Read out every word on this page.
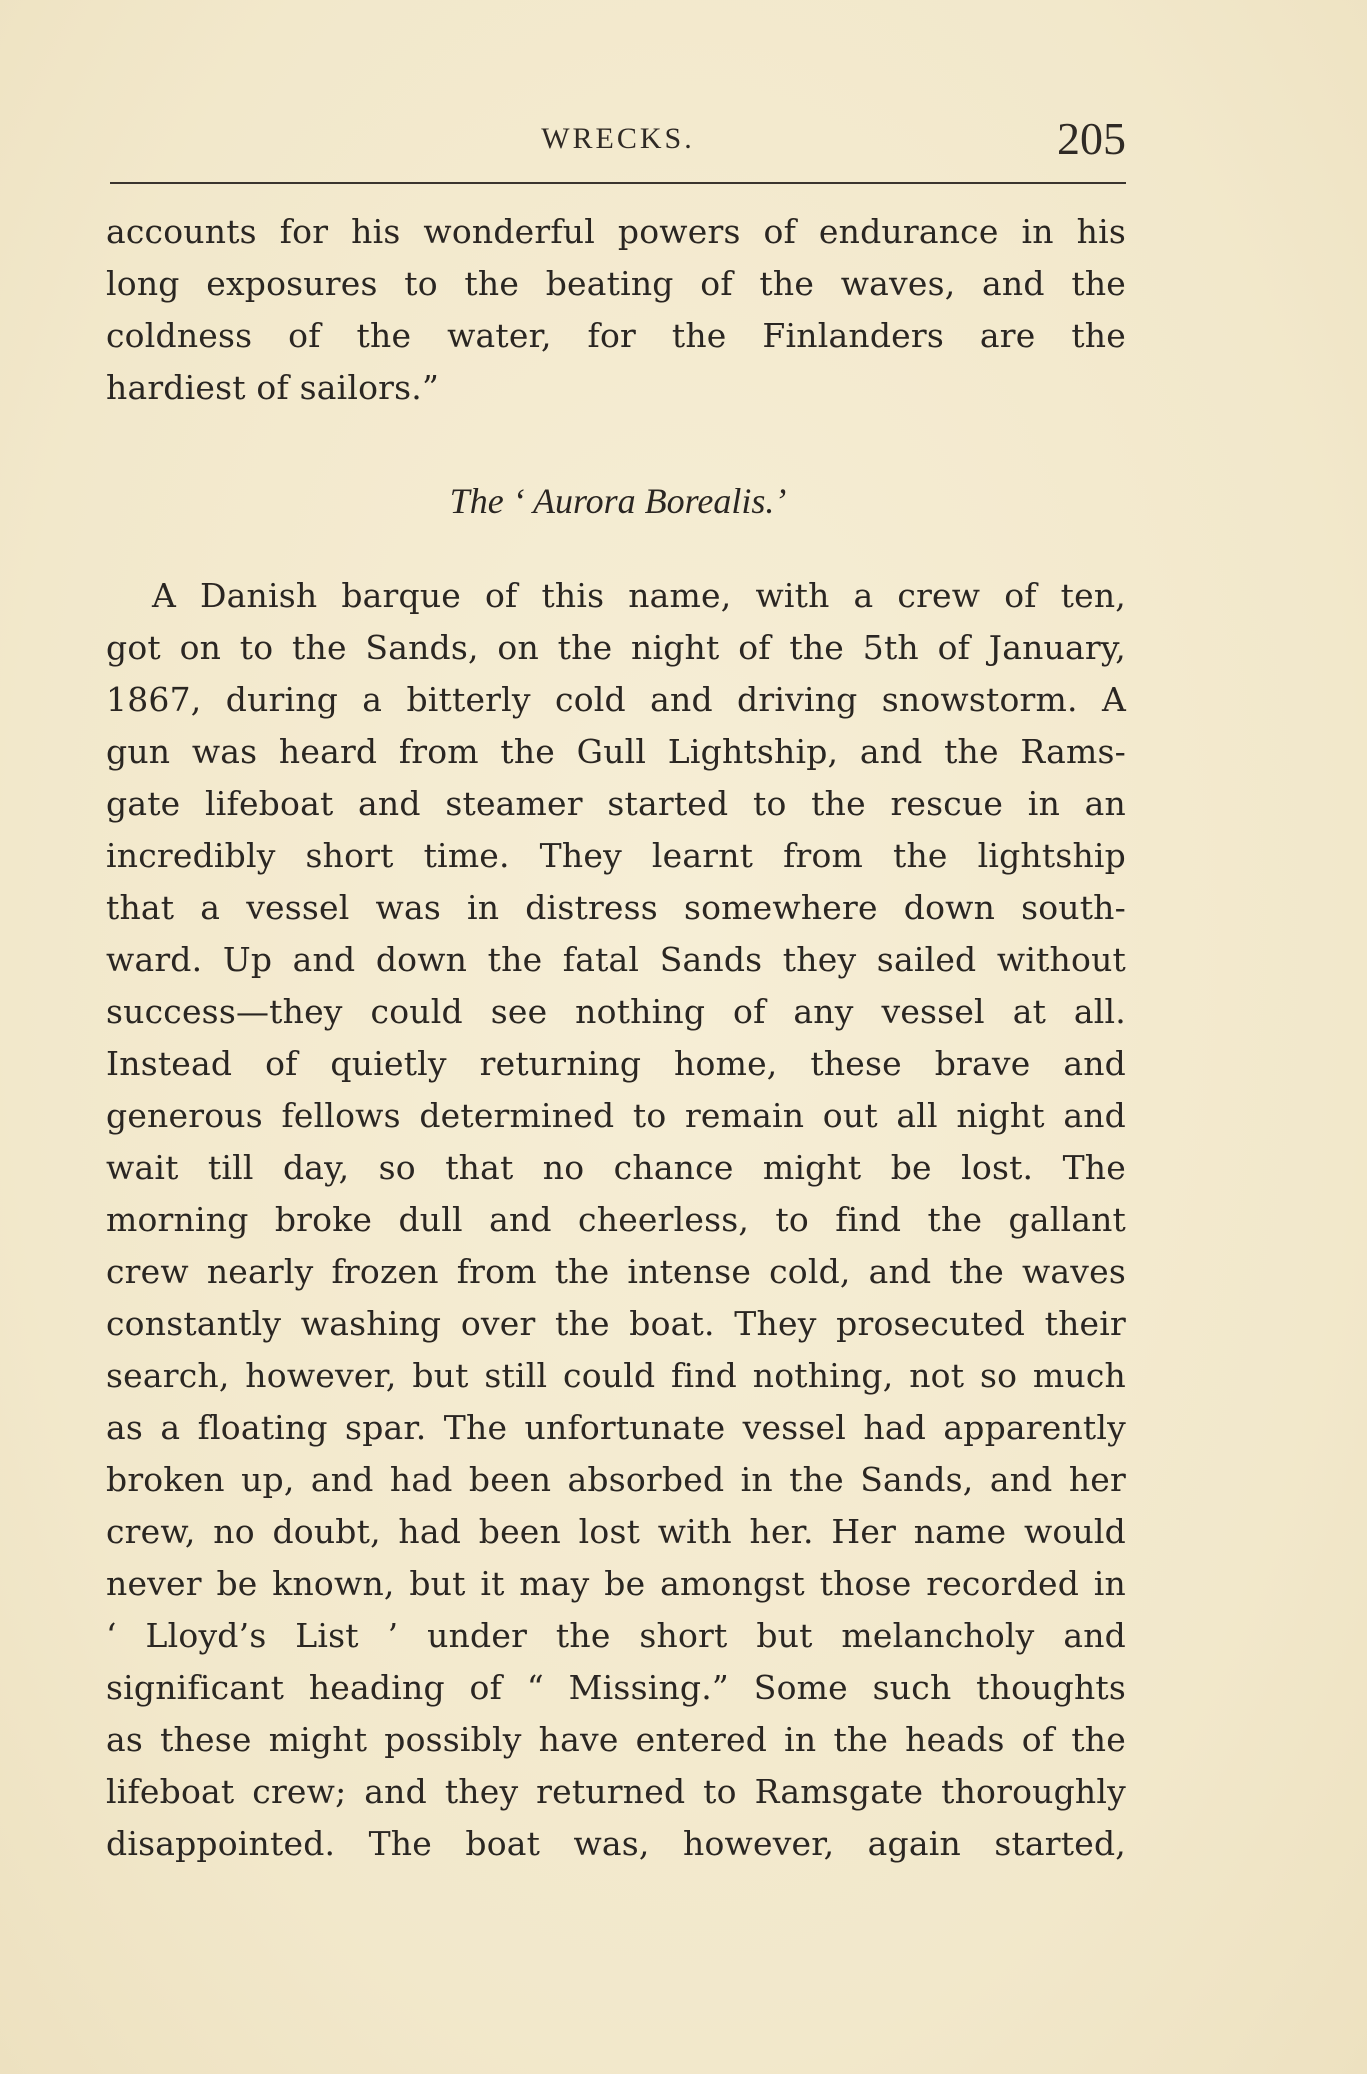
WRECKS.	205
accounts for his wonderful powers of endurance in his
long exposures to the beating of the waves, and the
coldness of the water, for the Finlanders are the
hardiest of sailors.”
The ‘ Aurora Borealis.’
A Danish barque of this name, with a crew of ten,
got on to the Sands, on the night of the 5th of January,
1867, during a bitterly cold and driving snowstorm. A
gun was heard from the Gull Lightship, and the Rams-
gate lifeboat and steamer started to the rescue in an
incredibly short time. They learnt from the lightship
that a vessel was in distress somewhere down south-
ward. Up and down the fatal Sands they sailed without
success—they could see nothing of any vessel at all.
Instead of quietly returning home, these brave and
generous fellows determined to remain out all night and
wait till day, so that no chance might be lost. The
morning broke dull and cheerless, to find the gallant
crew nearly frozen from the intense cold, and the waves
constantly washing over the boat. They prosecuted their
search, however, but still could find nothing, not so much
as a floating spar. The unfortunate vessel had apparently
broken up, and had been absorbed in the Sands, and her
crew, no doubt, had been lost with her. Her name would
never be known, but it may be amongst those recorded in
‘ Lloyd’s List ’ under the short but melancholy and
significant heading of “ Missing.” Some such thoughts
as these might possibly have entered in the heads of the
lifeboat crew; and they returned to Ramsgate thoroughly
disappointed. The boat was, however, again started,
